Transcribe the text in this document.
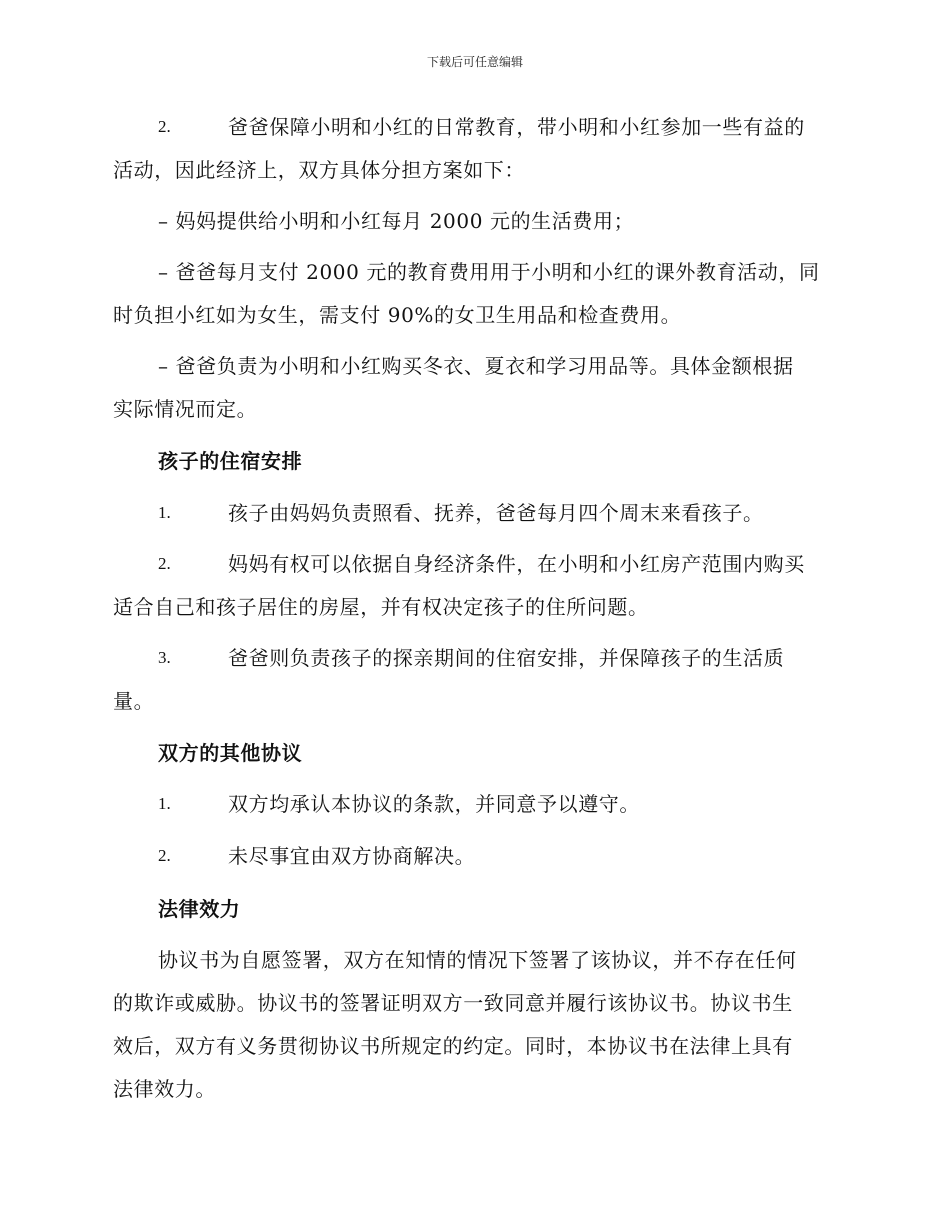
下载后可任意编辑
2.	爸爸保障小明和小红的日常教育，带小明和小红参加一些有益的
活动，因此经济上，双方具体分担方案如下：
– 妈妈提供给小明和小红每月 2000 元的生活费用；
– 爸爸每月支付 2000 元的教育费用用于小明和小红的课外教育活动，同
时负担小红如为女生，需支付 90%的女卫生用品和检查费用。
– 爸爸负责为小明和小红购买冬衣、夏衣和学习用品等。具体金额根据
实际情况而定。
孩子的住宿安排
1.	孩子由妈妈负责照看、抚养，爸爸每月四个周末来看孩子。
2.	妈妈有权可以依据自身经济条件，在小明和小红房产范围内购买
适合自己和孩子居住的房屋，并有权决定孩子的住所问题。
3.	爸爸则负责孩子的探亲期间的住宿安排，并保障孩子的生活质
量。
双方的其他协议
1.	双方均承认本协议的条款，并同意予以遵守。
2.	未尽事宜由双方协商解决。
法律效力
协议书为自愿签署，双方在知情的情况下签署了该协议，并不存在任何
的欺诈或威胁。协议书的签署证明双方一致同意并履行该协议书。协议书生
效后，双方有义务贯彻协议书所规定的约定。同时，本协议书在法律上具有
法律效力。
